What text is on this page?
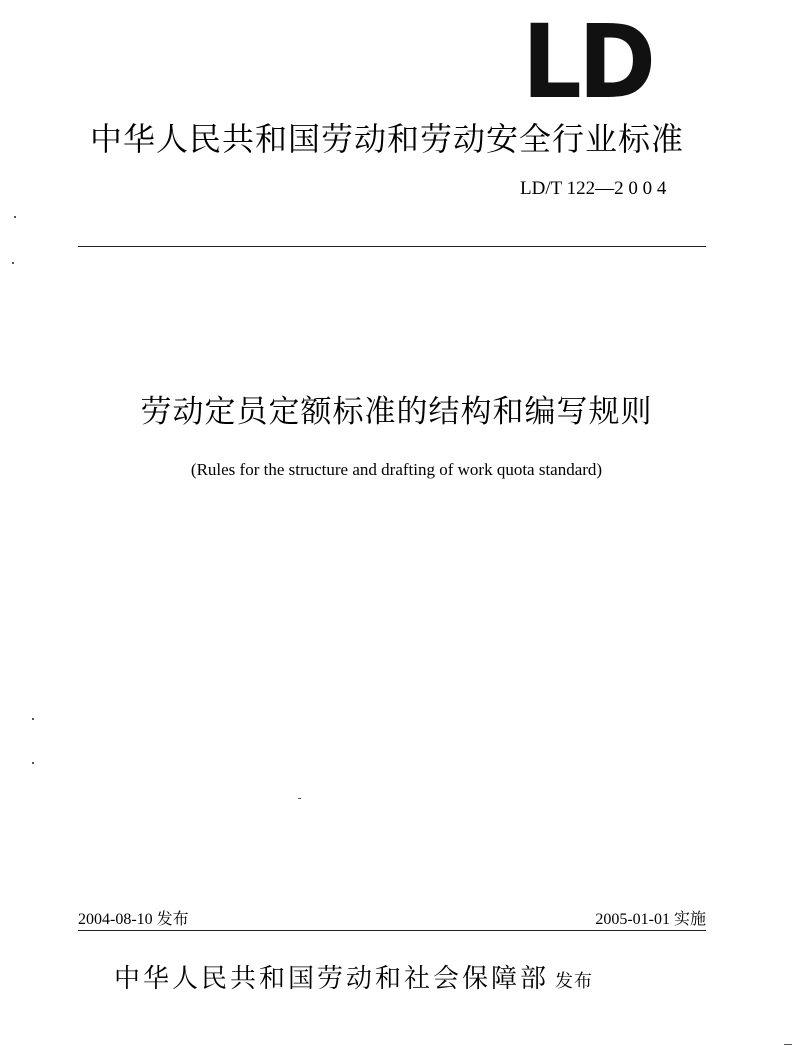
LD
中华人民共和国劳动和劳动安全行业标准
LD/T 122—2 0 0 4
劳动定员定额标准的结构和编写规则
(Rules for the structure and drafting of work quota standard)
2004-08-10 发布	2005-01-01 实施
中华人民共和国劳动和社会保障部 发布
